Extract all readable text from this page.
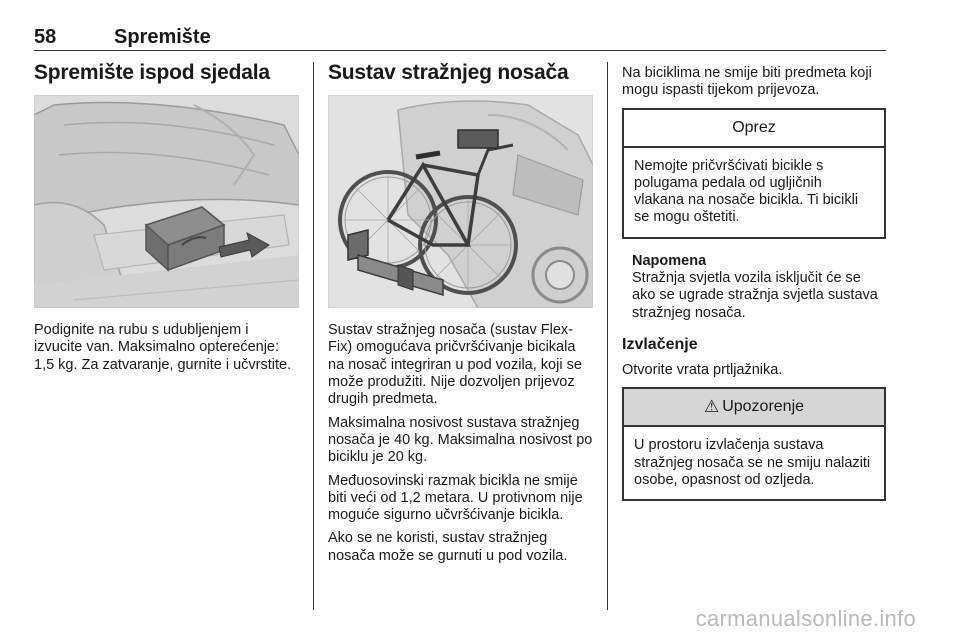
58	Spremište
Spremište ispod sjedala

Podignite na rubu s udubljenjem i izvucite van. Maksimalno opterećenje: 1,5 kg. Za zatvaranje, gurnite i učvrstite.

Sustav stražnjeg nosača

Sustav stražnjeg nosača (sustav Flex-Fix) omogućava pričvršćivanje bicikala na nosač integriran u pod vozila, koji se može produžiti. Nije dozvoljen prijevoz drugih predmeta.

Maksimalna nosivost sustava stražnjeg nosača je 40 kg. Maksimalna nosivost po biciklu je 20 kg.

Međuosovinski razmak bicikla ne smije biti veći od 1,2 metara. U protivnom nije moguće sigurno učvršćivanje bicikla.

Ako se ne koristi, sustav stražnjeg nosača može se gurnuti u pod vozila.

Na biciklima ne smije biti predmeta koji mogu ispasti tijekom prijevoza.

Oprez
Nemojte pričvršćivati bicikle s polugama pedala od ugljičnih vlakana na nosače bicikla. Ti bicikli se mogu oštetiti.
Napomena
Stražnja svjetla vozila isključit će se ako se ugrade stražnja svjetla sustava stražnjeg nosača.
Izvlačenje

Otvorite vrata prtljažnika.

⚠ Upozorenje
U prostoru izvlačenja sustava stražnjeg nosača se ne smiju nalaziti osobe, opasnost od ozljeda.
carmanualsonline.info
